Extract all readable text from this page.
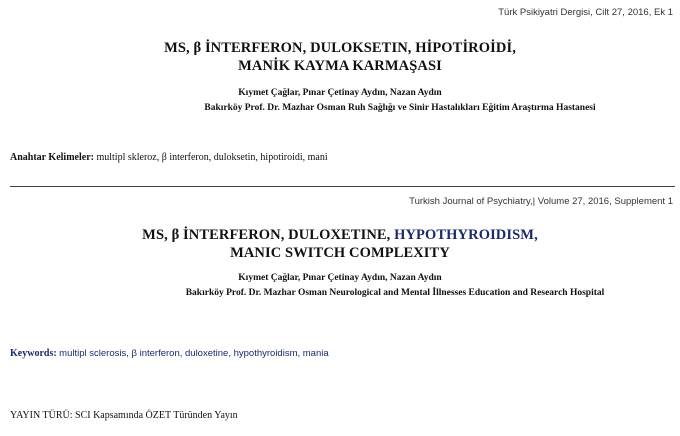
Türk Psikiyatri Dergisi, Cilt 27, 2016, Ek 1
MS, β İNTERFERON, DULOKSETIN, HİPOTİROİDİ,
MANİK KAYMA KARMAŞASI
Kıymet Çağlar, Pınar Çetinay Aydın, Nazan Aydın
Bakırköy Prof. Dr. Mazhar Osman Ruh Sağlığı ve Sinir Hastalıkları Eğitim Araştırma Hastanesi
Anahtar Kelimeler: multipl skleroz, β interferon, duloksetin, hipotiroidi, mani
Turkish Journal of Psychiatry,| Volume 27, 2016, Supplement 1
MS, β İNTERFERON, DULOXETINE, HYPOTHYROIDISM,
MANIC SWITCH COMPLEXITY
Kıymet Çağlar, Pınar Çetinay Aydın, Nazan Aydın
Bakırköy Prof. Dr. Mazhar Osman Neurological and Mental İllnesses Education and Research Hospital
Keywords: multipl sclerosis, β interferon, duloxetine, hypothyroidism, mania
YAYIN TÜRÜ: SCI Kapsamında ÖZET Türünden Yayın
